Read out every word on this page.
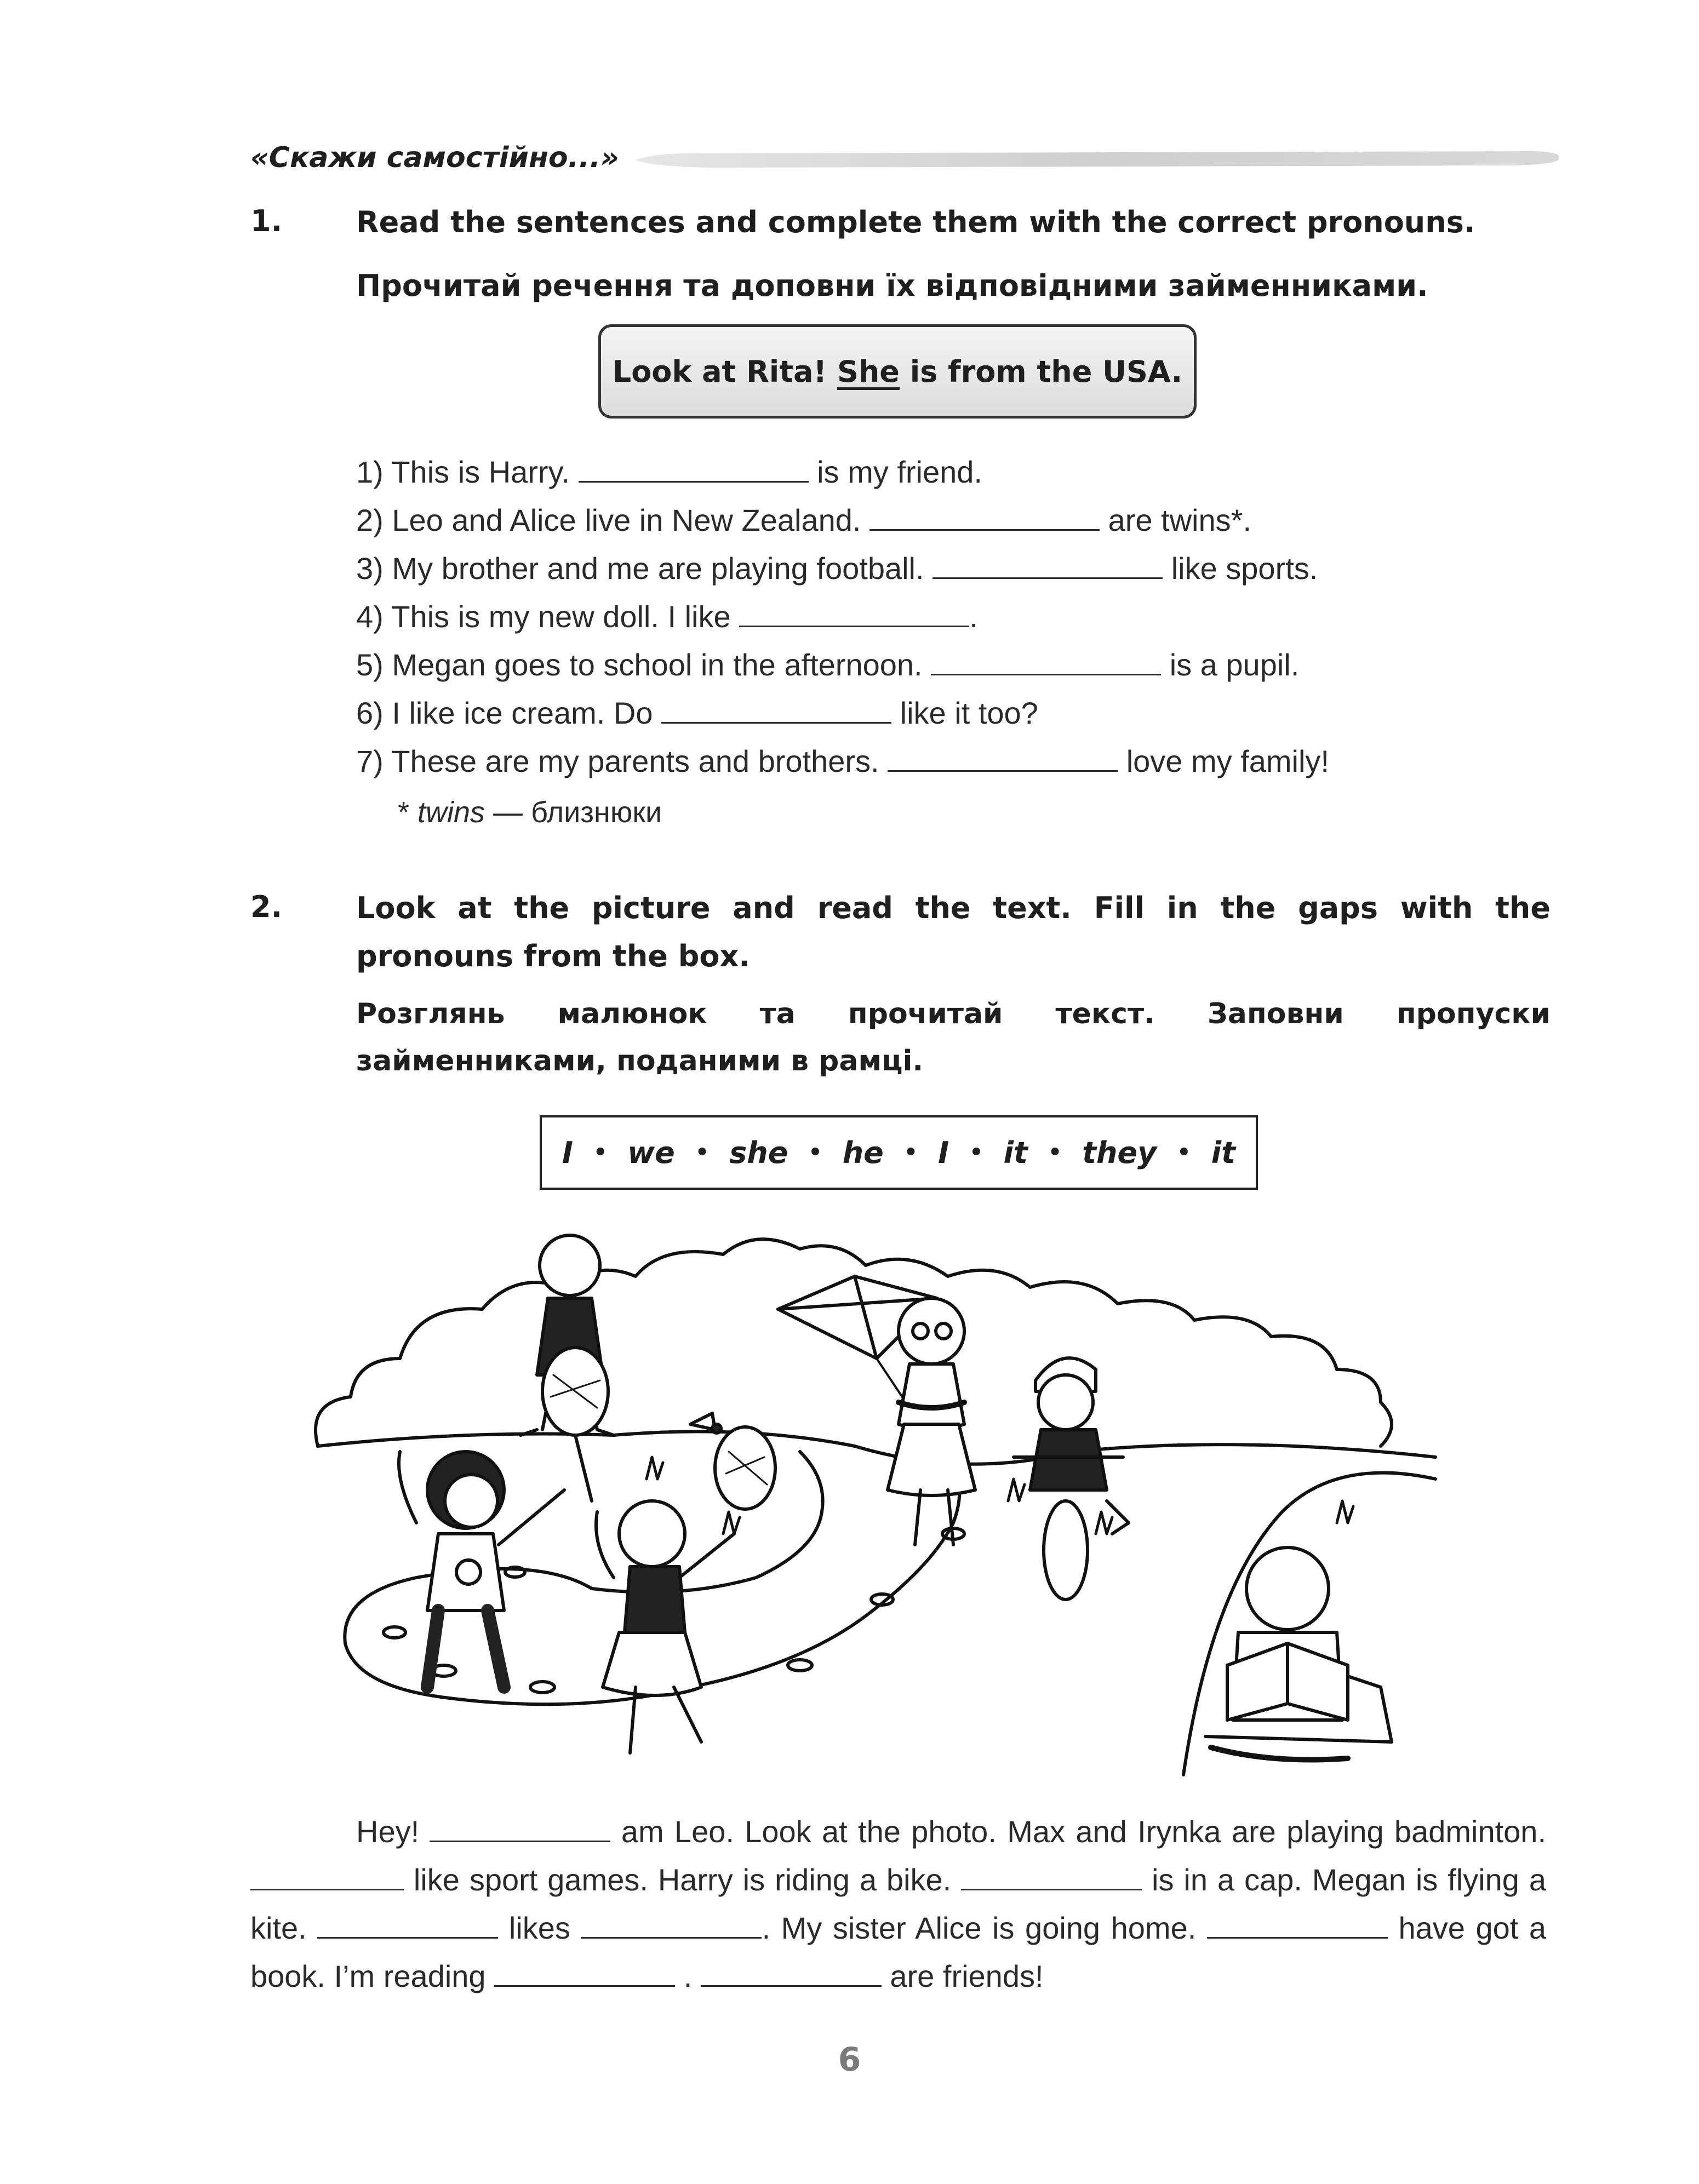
«Скажи самостійно...»
1. Read the sentences and complete them with the correct pronouns.
Прочитай речення та доповни їх відповідними займенниками.
Look at Rita! She is from the USA.
1) This is Harry.	is my friend.
2) Leo and Alice live in New Zealand.	are twins*.
3) My brother and me are playing football.	like sports.
4) This is my new doll. I like	.
5) Megan goes to school in the afternoon.	is a pupil.
6) I like ice cream. Do	like it too?
7) These are my parents and brothers.	love my family!
* twins — близнюки
2. Look at the picture and read the text. Fill in the gaps with the pronouns from the box.
Розглянь малюнок та прочитай текст. Заповни пропуски займенниками, поданими в рамці.
I • we • she • he • I • it • they • it
Hey!	am Leo. Look at the photo. Max and Irynka are playing badminton.  like sport games. Harry is riding a bike.	is in a cap. Megan is flying a kite.	likes	. My sister Alice is going home.	have got a book. I’m reading	.	are friends!
6
